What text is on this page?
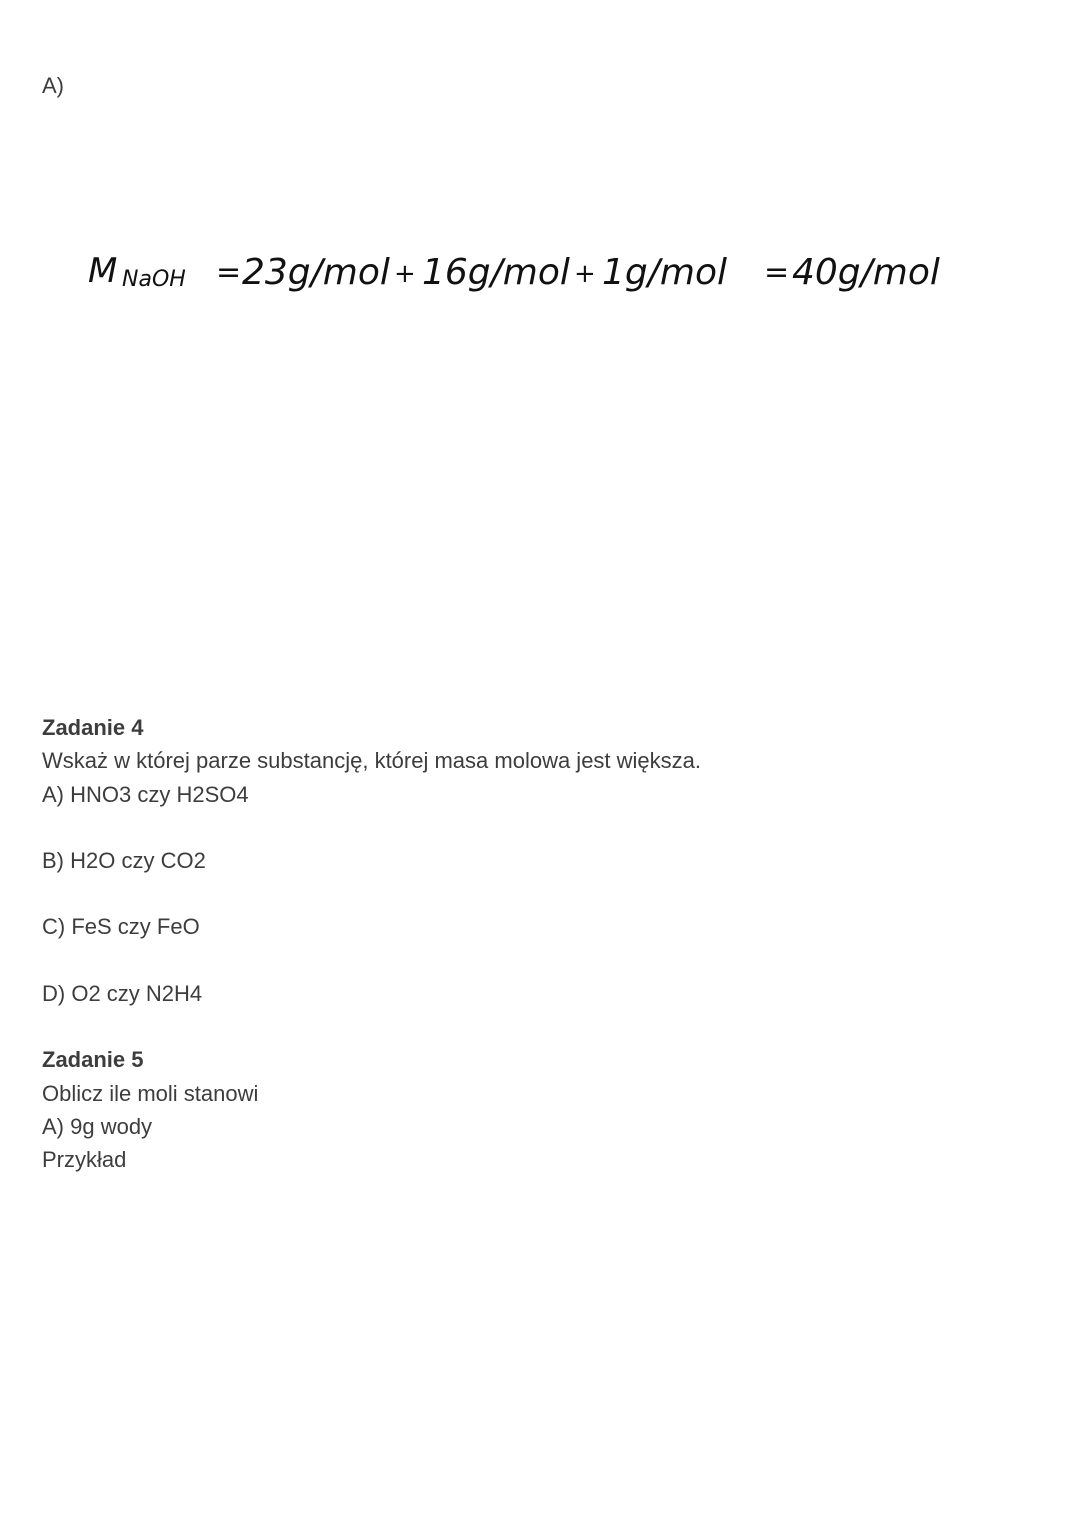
A)
M NaOH = 23g/mol + 16g/mol + 1g/mol = 40g/mol
Zadanie 4
Wskaż w której parze substancję, której masa molowa jest większa.
A) HNO3 czy H2SO4
B) H2O czy CO2
C) FeS czy FeO
D) O2 czy N2H4
Zadanie 5
Oblicz ile moli stanowi
A) 9g wody
Przykład
